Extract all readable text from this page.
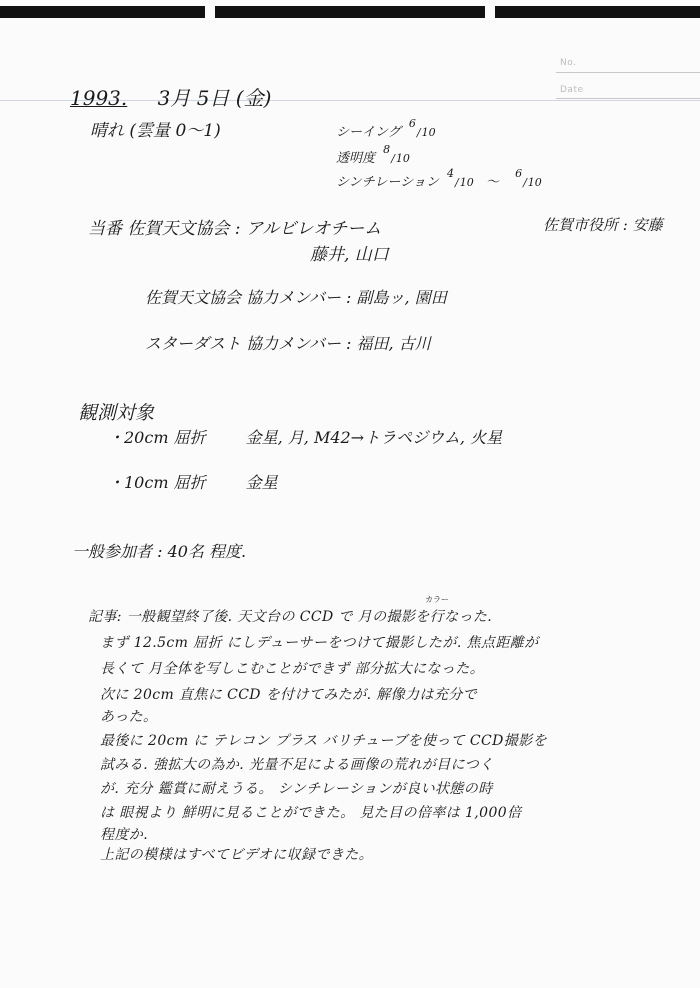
No.
Date
1993. 3月 5日 (金)
晴れ (雲量 0〜1)	シーイング 6/10
透明度 8/10
シンチレーション 4/10 〜 6/10
当番 佐賀天文協会 : アルビレオチーム
藤井, 山口
佐賀市役所 : 安藤
佐賀天文協会 協力メンバー : 副島ッ, 園田
スターダスト 協力メンバー : 福田, 古川
観測対象
・20cm 屈折	金星, 月, M42→トラペジウム, 火星
・10cm 屈折	金星
一般参加者 : 40名 程度.
カラー
記事: 一般観望終了後. 天文台の CCD で 月の撮影を行なった.
まず 12.5cm 屈折 にしデューサーをつけて撮影したが. 焦点距離が
長くて 月全体を写しこむことができず 部分拡大になった。
次に 20cm 直焦に CCD を付けてみたが. 解像力は充分で
あった。
最後に 20cm に テレコン プラス バリチューブを使って CCD撮影を
試みる. 強拡大の為か. 光量不足による画像の荒れが目につく
が. 充分 鑑賞に耐えうる。 シンチレーションが良い状態の時
は 眼視より 鮮明に見ることができた。 見た目の倍率は 1,000倍
程度か.
上記の模様はすべてビデオに収録できた。
